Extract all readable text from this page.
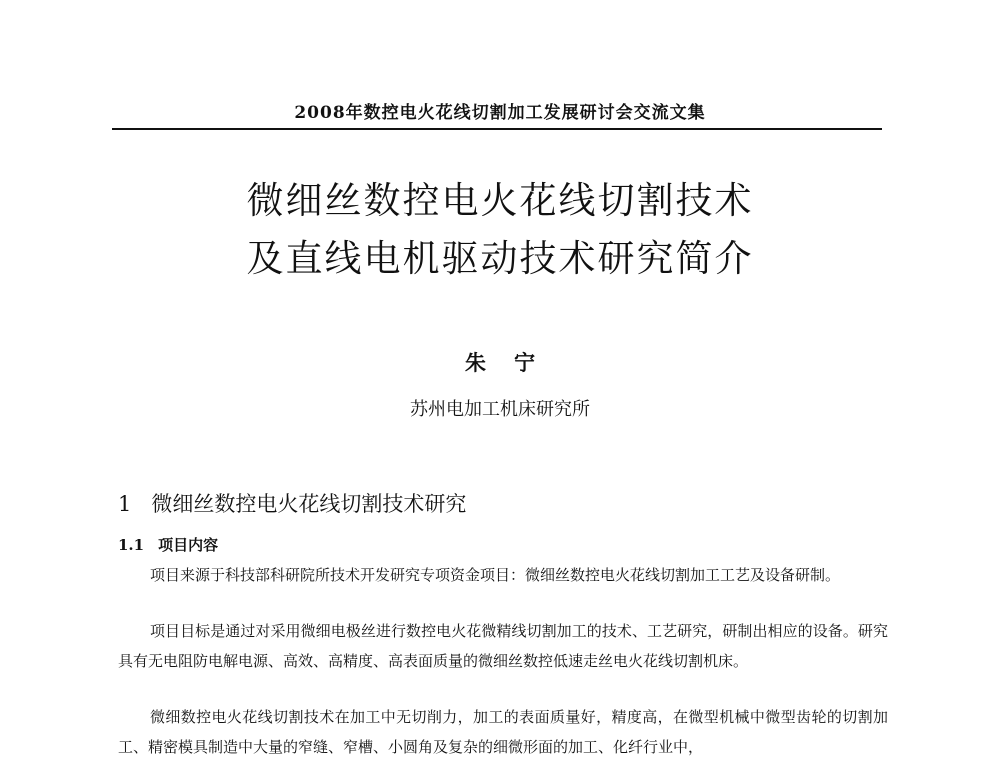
2008年数控电火花线切割加工发展研讨会交流文集
微细丝数控电火花线切割技术
及直线电机驱动技术研究简介
朱宁
苏州电加工机床研究所
1 微细丝数控电火花线切割技术研究
1.1 项目内容

项目来源于科技部科研院所技术开发研究专项资金项目：微细丝数控电火花线切割加工工艺及设备研制。

项目目标是通过对采用微细电极丝进行数控电火花微精线切割加工的技术、工艺研究，研制出相应的设备。研究具有无电阻防电解电源、高效、高精度、高表面质量的微细丝数控低速走丝电火花线切割机床。

微细数控电火花线切割技术在加工中无切削力，加工的表面质量好，精度高，在微型机械中微型齿轮的切割加工、精密模具制造中大量的窄缝、窄槽、小圆角及复杂的细微形面的加工、化纤行业中，
